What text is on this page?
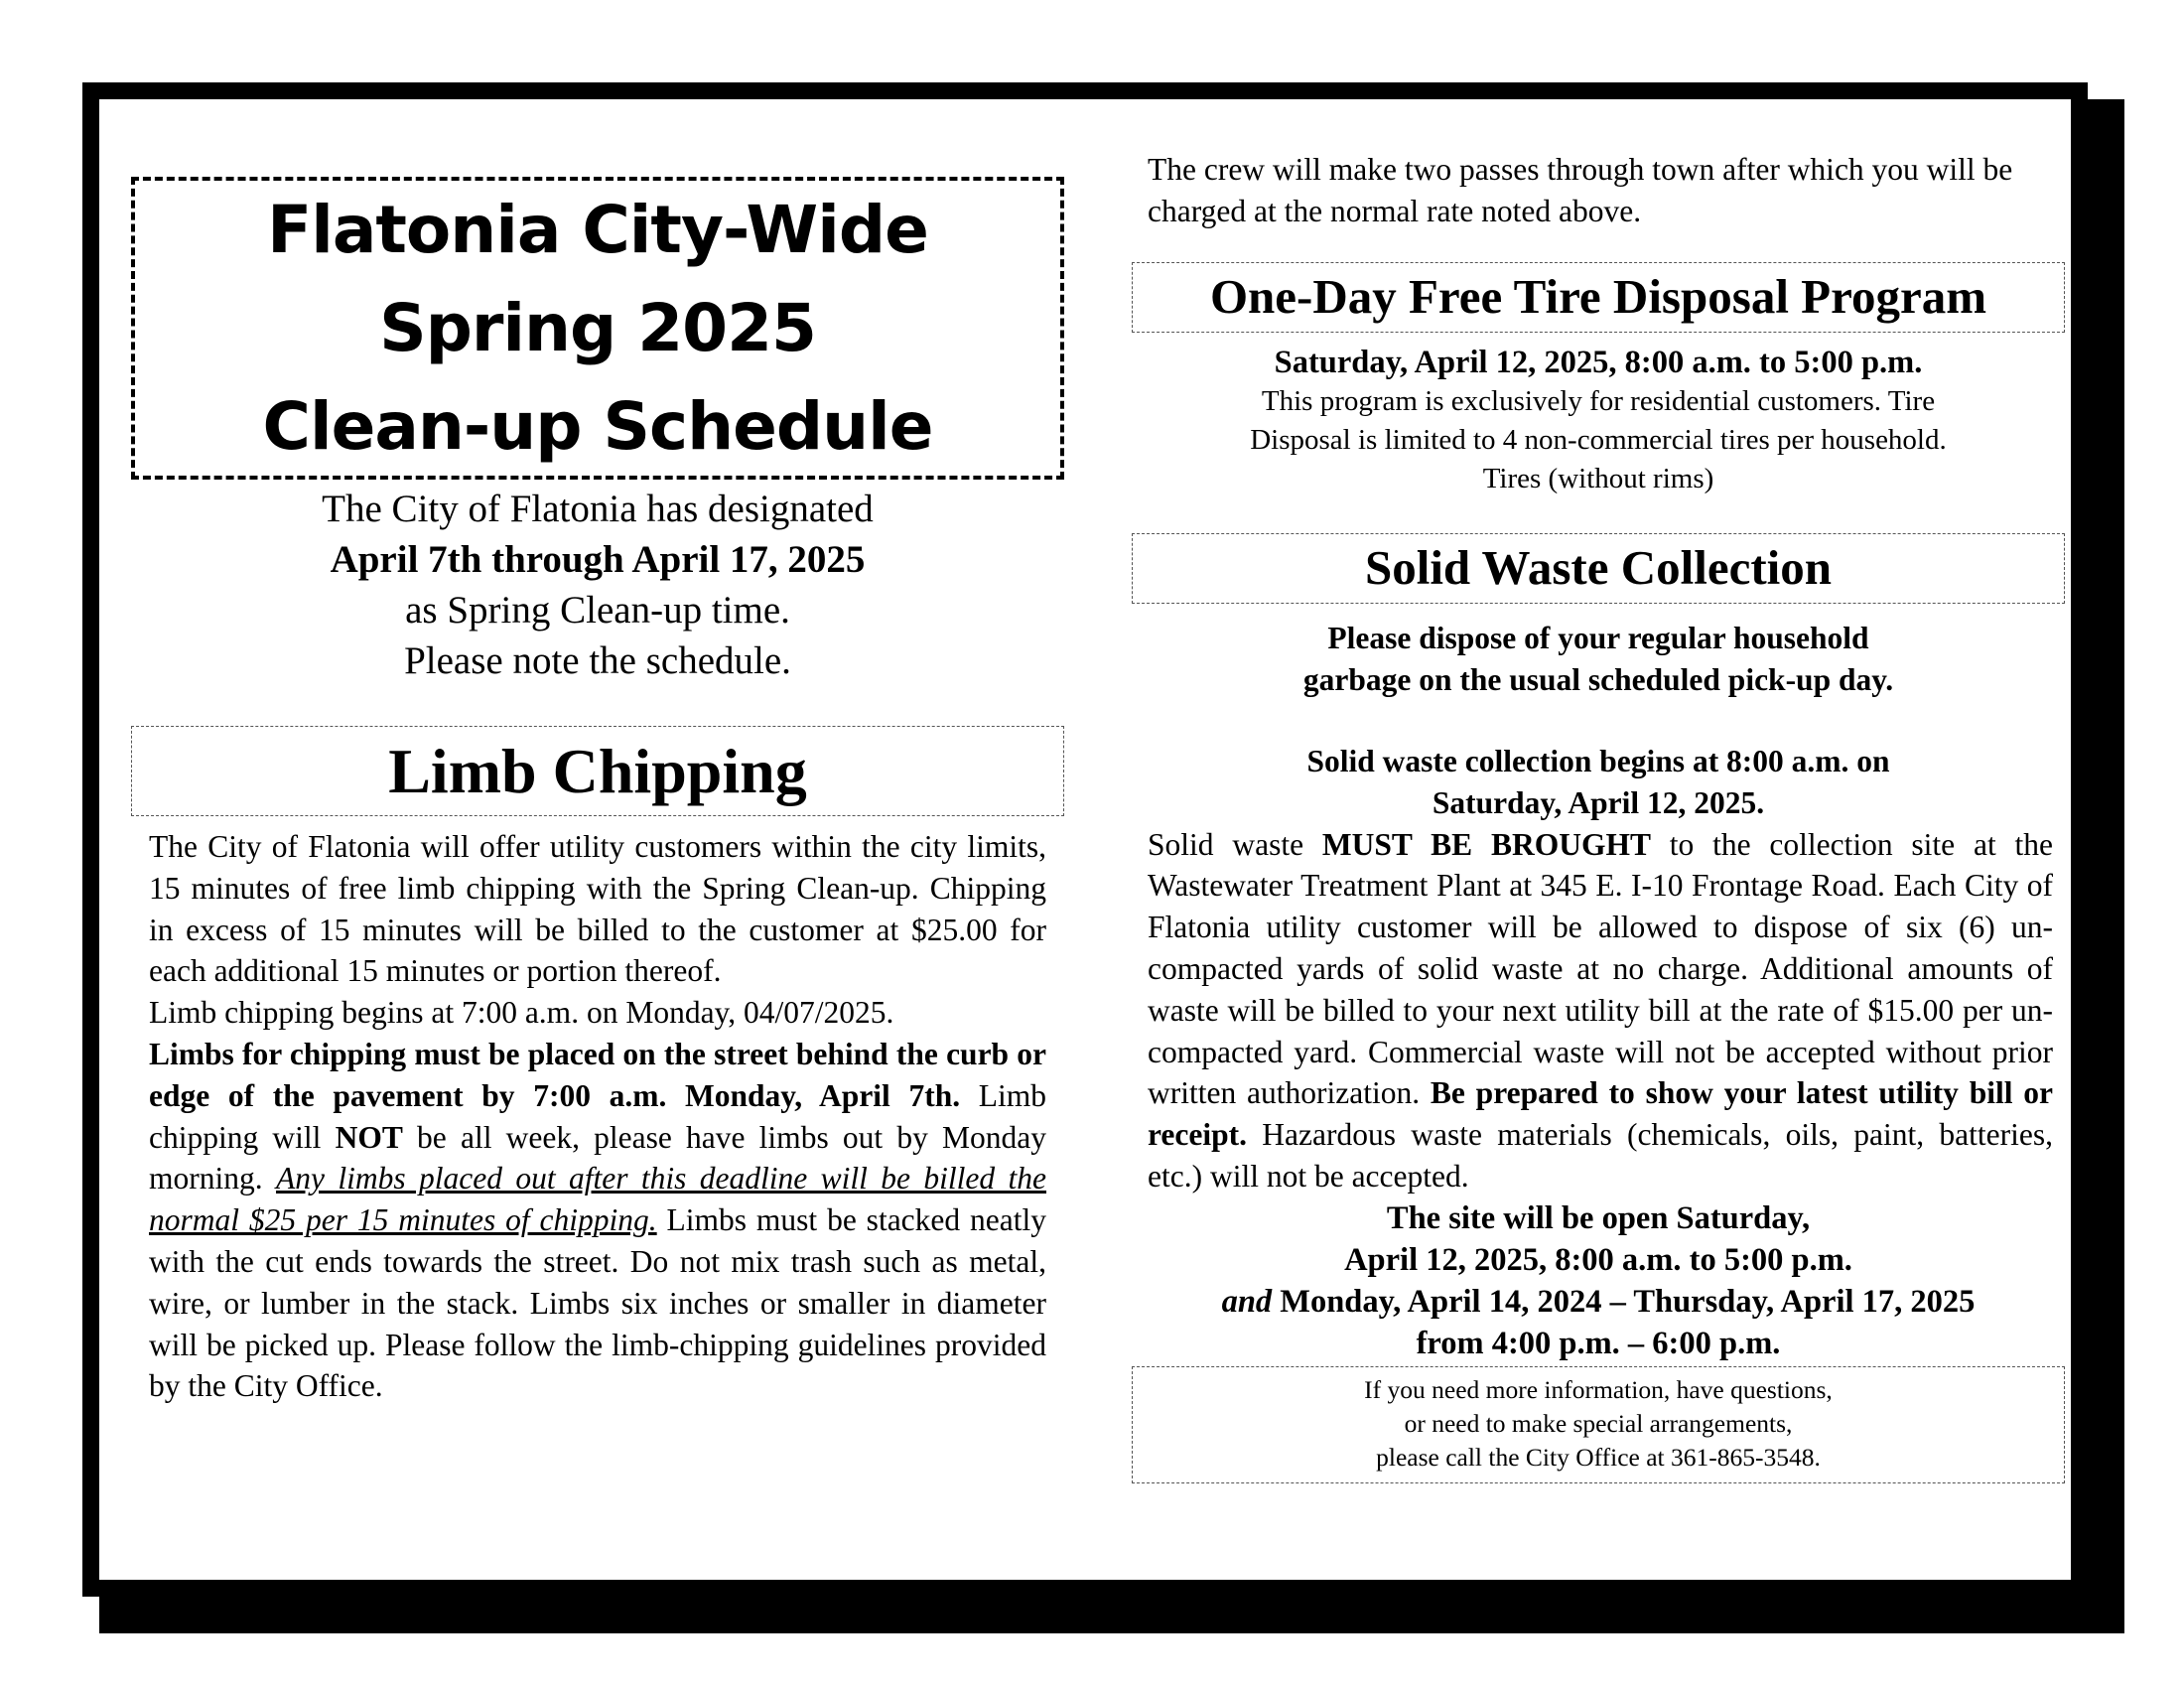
Flatonia City-Wide
Spring 2025
Clean-up Schedule
The City of Flatonia has designated
April 7th through April 17, 2025
as Spring Clean-up time.
Please note the schedule.
Limb Chipping

The City of Flatonia will offer utility customers within the city limits, 15 minutes of free limb chipping with the Spring Clean-up. Chipping in excess of 15 minutes will be billed to the customer at $25.00 for each additional 15 minutes or portion thereof.

Limb chipping begins at 7:00 a.m. on Monday, 04/07/2025.

Limbs for chipping must be placed on the street behind the curb or edge of the pavement by 7:00 a.m. Monday, April 7th. Limb chipping will NOT be all week, please have limbs out by Monday morning. Any limbs placed out after this deadline will be billed the normal $25 per 15 minutes of chipping. Limbs must be stacked neatly with the cut ends towards the street. Do not mix trash such as metal, wire, or lumber in the stack. Limbs six inches or smaller in diameter will be picked up. Please follow the limb-chipping guidelines provided by the City Office.

The crew will make two passes through town after which you will be charged at the normal rate noted above.

One-Day Free Tire Disposal Program
Saturday, April 12, 2025, 8:00 a.m. to 5:00 p.m.
This program is exclusively for residential customers. Tire
Disposal is limited to 4 non-commercial tires per household.
Tires (without rims)
Solid Waste Collection
Please dispose of your regular household
garbage on the usual scheduled pick-up day.
Solid waste collection begins at 8:00 a.m. on
Saturday, April 12, 2025.
Solid waste MUST BE BROUGHT to the collection site at the Wastewater Treatment Plant at 345 E. I-10 Frontage Road. Each City of Flatonia utility customer will be allowed to dispose of six (6) un-compacted yards of solid waste at no charge. Additional amounts of waste will be billed to your next utility bill at the rate of $15.00 per un-compacted yard. Commercial waste will not be accepted without prior written authorization. Be prepared to show your latest utility bill or receipt. Hazardous waste materials (chemicals, oils, paint, batteries, etc.) will not be accepted.
The site will be open Saturday,
April 12, 2025, 8:00 a.m. to 5:00 p.m.
and Monday, April 14, 2024 – Thursday, April 17, 2025
from 4:00 p.m. – 6:00 p.m.
If you need more information, have questions,
or need to make special arrangements,
please call the City Office at 361-865-3548.
